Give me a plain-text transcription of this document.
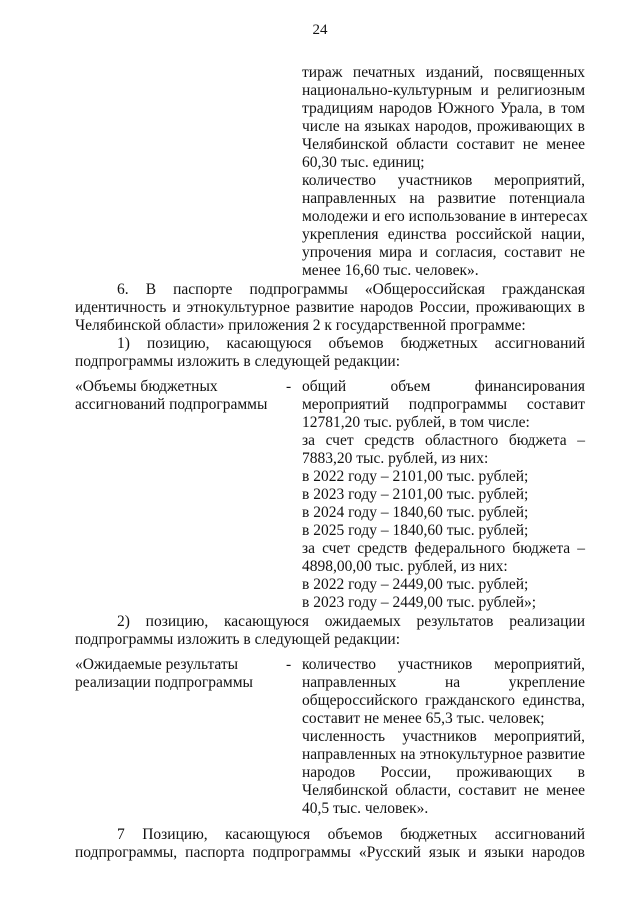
24
тираж печатных изданий, посвященных
национально-культурным и религиозным
традициям народов Южного Урала, в том
числе на языках народов, проживающих в
Челябинской области составит не менее
60,30 тыс. единиц;
количество участников мероприятий,
направленных на развитие потенциала
молодежи и его использование в интересах
укрепления единства российской нации,
упрочения мира и согласия, составит не
менее 16,60 тыс. человек».
6. В паспорте подпрограммы «Общероссийская гражданская
идентичность и этнокультурное развитие народов России, проживающих в
Челябинской области» приложения 2 к государственной программе:
1) позицию, касающуюся объемов бюджетных ассигнований
подпрограммы изложить в следующей редакции:
«Объемы бюджетных
ассигнований подпрограммы
- общий объем финансирования
мероприятий подпрограммы составит
12781,20 тыс. рублей, в том числе:
за счет средств областного бюджета –
7883,20 тыс. рублей, из них:
в 2022 году – 2101,00 тыс. рублей;
в 2023 году – 2101,00 тыс. рублей;
в 2024 году – 1840,60 тыс. рублей;
в 2025 году – 1840,60 тыс. рублей;
за счет средств федерального бюджета –
4898,00,00 тыс. рублей, из них:
в 2022 году – 2449,00 тыс. рублей;
в 2023 году – 2449,00 тыс. рублей»;
2) позицию, касающуюся ожидаемых результатов реализации
подпрограммы изложить в следующей редакции:
«Ожидаемые результаты
реализации подпрограммы
- количество участников мероприятий,
направленных на укрепление
общероссийского гражданского единства,
составит не менее 65,3 тыс. человек;
численность участников мероприятий,
направленных на этнокультурное развитие
народов России, проживающих в
Челябинской области, составит не менее
40,5 тыс. человек».
7 Позицию, касающуюся объемов бюджетных ассигнований
подпрограммы, паспорта подпрограммы «Русский язык и языки народов
